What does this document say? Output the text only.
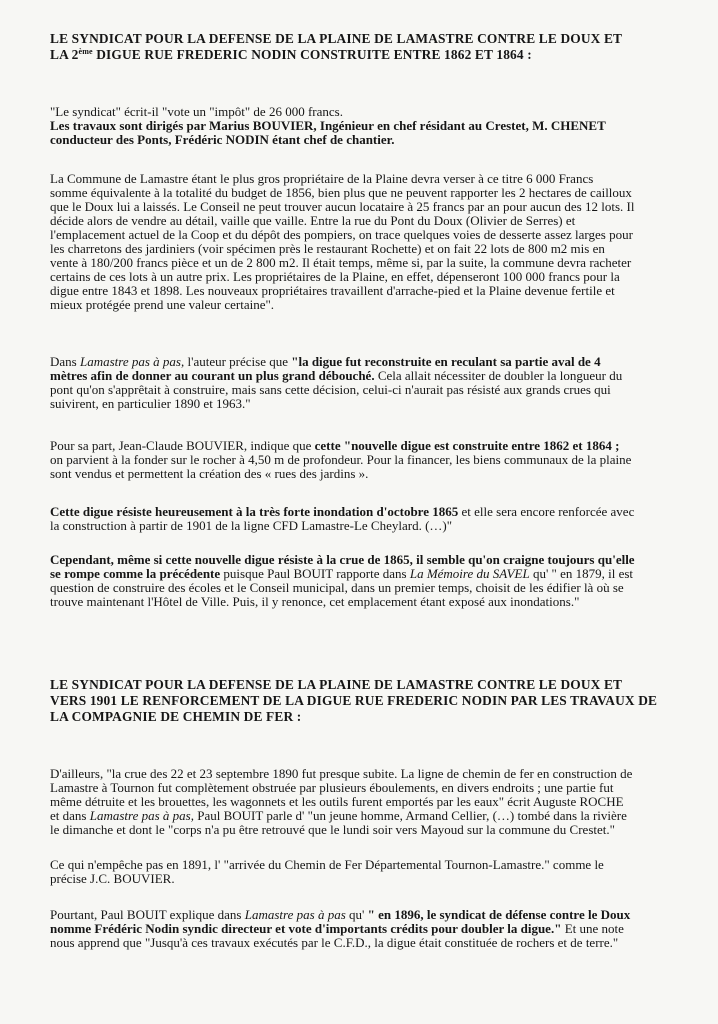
LE SYNDICAT POUR LA DEFENSE DE LA PLAINE DE LAMASTRE CONTRE LE DOUX ET
LA 2ème DIGUE RUE FREDERIC NODIN CONSTRUITE ENTRE 1862 ET 1864 :

"Le syndicat" écrit-il "vote un "impôt" de 26 000 francs.
Les travaux sont dirigés par Marius BOUVIER, Ingénieur en chef résidant au Crestet, M. CHENET
conducteur des Ponts, Frédéric NODIN étant chef de chantier.

La Commune de Lamastre étant le plus gros propriétaire de la Plaine devra verser à ce titre 6 000 Francs
somme équivalente à la totalité du budget de 1856, bien plus que ne peuvent rapporter les 2 hectares de cailloux
que le Doux lui a laissés. Le Conseil ne peut trouver aucun locataire à 25 francs par an pour aucun des 12 lots. Il
décide alors de vendre au détail, vaille que vaille. Entre la rue du Pont du Doux (Olivier de Serres) et
l'emplacement actuel de la Coop et du dépôt des pompiers, on trace quelques voies de desserte assez larges pour
les charretons des jardiniers (voir spécimen près le restaurant Rochette) et on fait 22 lots de 800 m2 mis en
vente à 180/200 francs pièce et un de 2 800 m2. Il était temps, même si, par la suite, la commune devra racheter
certains de ces lots à un autre prix. Les propriétaires de la Plaine, en effet, dépenseront 100 000 francs pour la
digue entre 1843 et 1898. Les nouveaux propriétaires travaillent d'arrache-pied et la Plaine devenue fertile et
mieux protégée prend une valeur certaine".

Dans Lamastre pas à pas, l'auteur précise que "la digue fut reconstruite en reculant sa partie aval de 4
mètres afin de donner au courant un plus grand débouché. Cela allait nécessiter de doubler la longueur du
pont qu'on s'apprêtait à construire, mais sans cette décision, celui-ci n'aurait pas résisté aux grands crues qui
suivirent, en particulier 1890 et 1963."

Pour sa part, Jean-Claude BOUVIER, indique que cette "nouvelle digue est construite entre 1862 et 1864 ;
on parvient à la fonder sur le rocher à 4,50 m de profondeur. Pour la financer, les biens communaux de la plaine
sont vendus et permettent la création des « rues des jardins ».

Cette digue résiste heureusement à la très forte inondation d'octobre 1865 et elle sera encore renforcée avec
la construction à partir de 1901 de la ligne CFD Lamastre-Le Cheylard. (…)"

Cependant, même si cette nouvelle digue résiste à la crue de 1865, il semble qu'on craigne toujours qu'elle
se rompe comme la précédente puisque Paul BOUIT rapporte dans La Mémoire du SAVEL qu' " en 1879, il est
question de construire des écoles et le Conseil municipal, dans un premier temps, choisit de les édifier là où se
trouve maintenant l'Hôtel de Ville. Puis, il y renonce, cet emplacement étant exposé aux inondations."

LE SYNDICAT POUR LA DEFENSE DE LA PLAINE DE LAMASTRE CONTRE LE DOUX ET
VERS 1901 LE RENFORCEMENT DE LA DIGUE RUE FREDERIC NODIN PAR LES TRAVAUX DE
LA COMPAGNIE DE CHEMIN DE FER :

D'ailleurs, "la crue des 22 et 23 septembre 1890 fut presque subite. La ligne de chemin de fer en construction de
Lamastre à Tournon fut complètement obstruée par plusieurs éboulements, en divers endroits ; une partie fut
même détruite et les brouettes, les wagonnets et les outils furent emportés par les eaux" écrit Auguste ROCHE
et dans Lamastre pas à pas, Paul BOUIT parle d' "un jeune homme, Armand Cellier, (…) tombé dans la rivière
le dimanche et dont le "corps n'a pu être retrouvé que le lundi soir vers Mayoud sur la commune du Crestet."

Ce qui n'empêche pas en 1891, l' "arrivée du Chemin de Fer Départemental Tournon-Lamastre." comme le
précise J.C. BOUVIER.

Pourtant, Paul BOUIT explique dans Lamastre pas à pas qu' " en 1896, le syndicat de défense contre le Doux
nomme Frédéric Nodin syndic directeur et vote d'importants crédits pour doubler la digue." Et une note
nous apprend que "Jusqu'à ces travaux exécutés par le C.F.D., la digue était constituée de rochers et de terre."
